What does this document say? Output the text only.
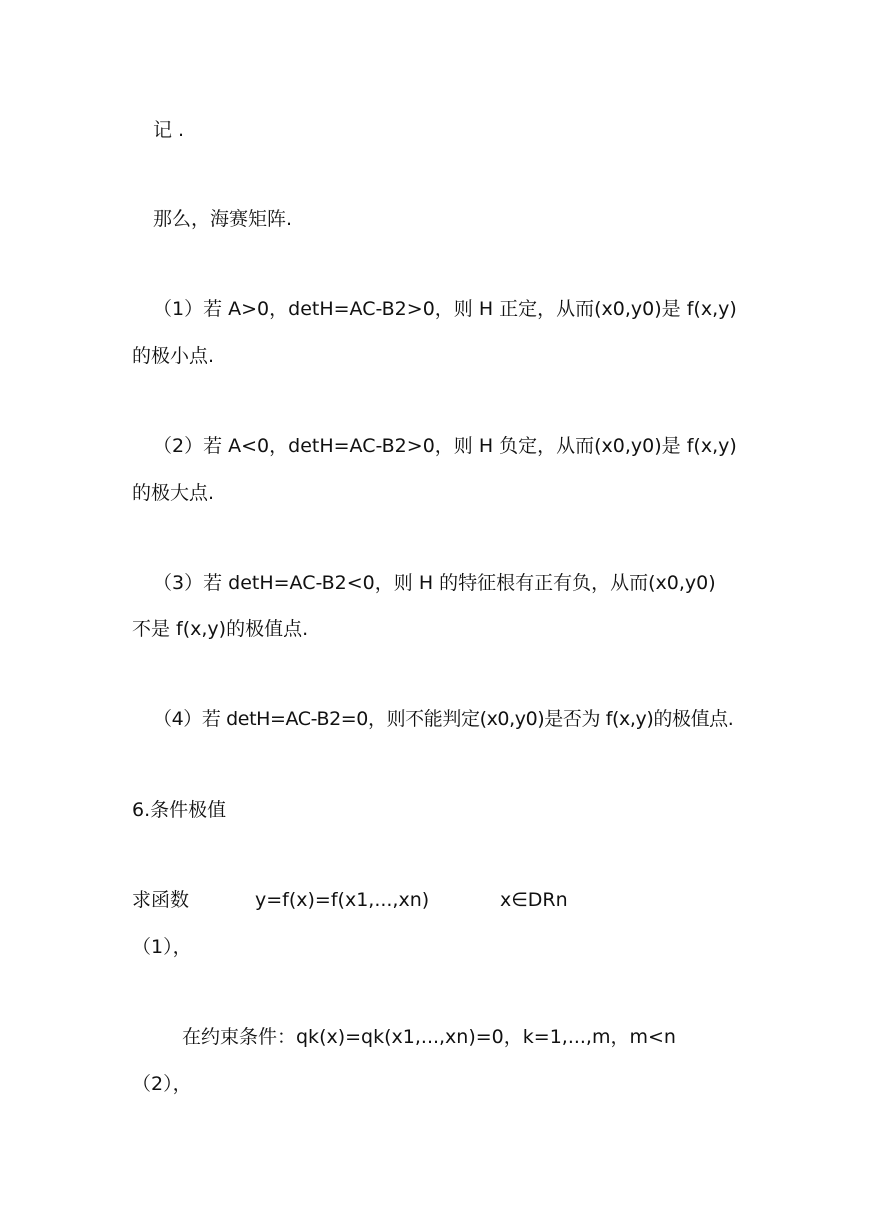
记 .

那么，海赛矩阵.

（1）若 A>0，detH=AC-B2>0，则 H 正定，从而(x0,y0)是 f(x,y)

的极小点.

（2）若 A<0，detH=AC-B2>0，则 H 负定，从而(x0,y0)是 f(x,y)

的极大点.

（3）若 detH=AC-B2<0，则 H 的特征根有正有负，从而(x0,y0)

不是 f(x,y)的极值点.

（4）若 detH=AC-B2=0，则不能判定(x0,y0)是否为 f(x,y)的极值点.

6.条件极值

求函数	y=f(x)=f(x1,...,xn)	x∈DRn

（1），

在约束条件：qk(x)=qk(x1,...,xn)=0，k=1,...,m，m<n

（2），
